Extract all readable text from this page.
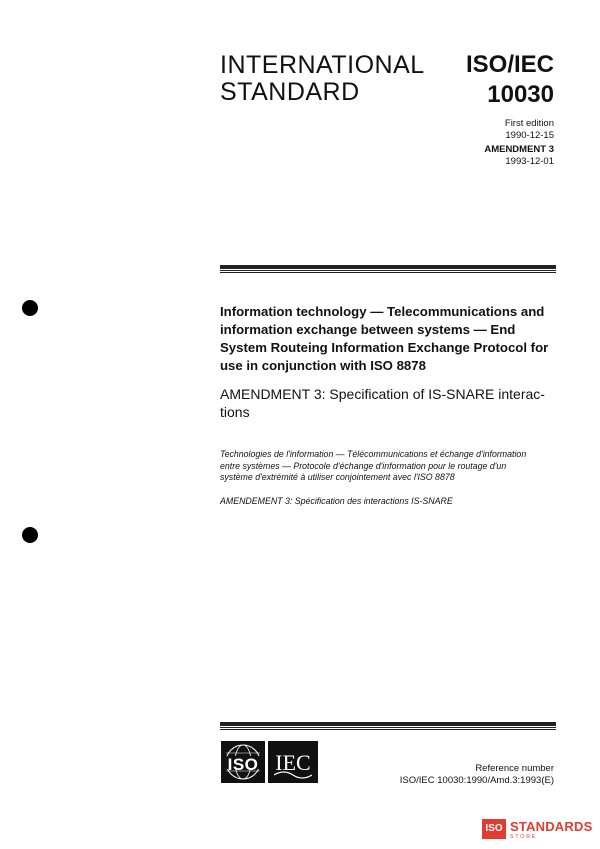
INTERNATIONAL
STANDARD
ISO/IEC
10030
First edition
1990-12-15
AMENDMENT 3
1993-12-01
Information technology — Telecommunications and
information exchange between systems — End
System Routeing Information Exchange Protocol for
use in conjunction with ISO 8878
AMENDMENT 3: Specification of IS-SNARE interac-
tions
Technologies de l'information — Télécommunications et échange d'information
entre systèmes — Protocole d'échange d'information pour le routage d'un
système d'extrémité à utiliser conjointement avec l'ISO 8878
AMENDEMENT 3: Spécification des interactions IS-SNARE
ISO IEC	Reference number
ISO/IEC 10030:1990/Amd.3:1993(E)
ISO STANDARDS
STORE
